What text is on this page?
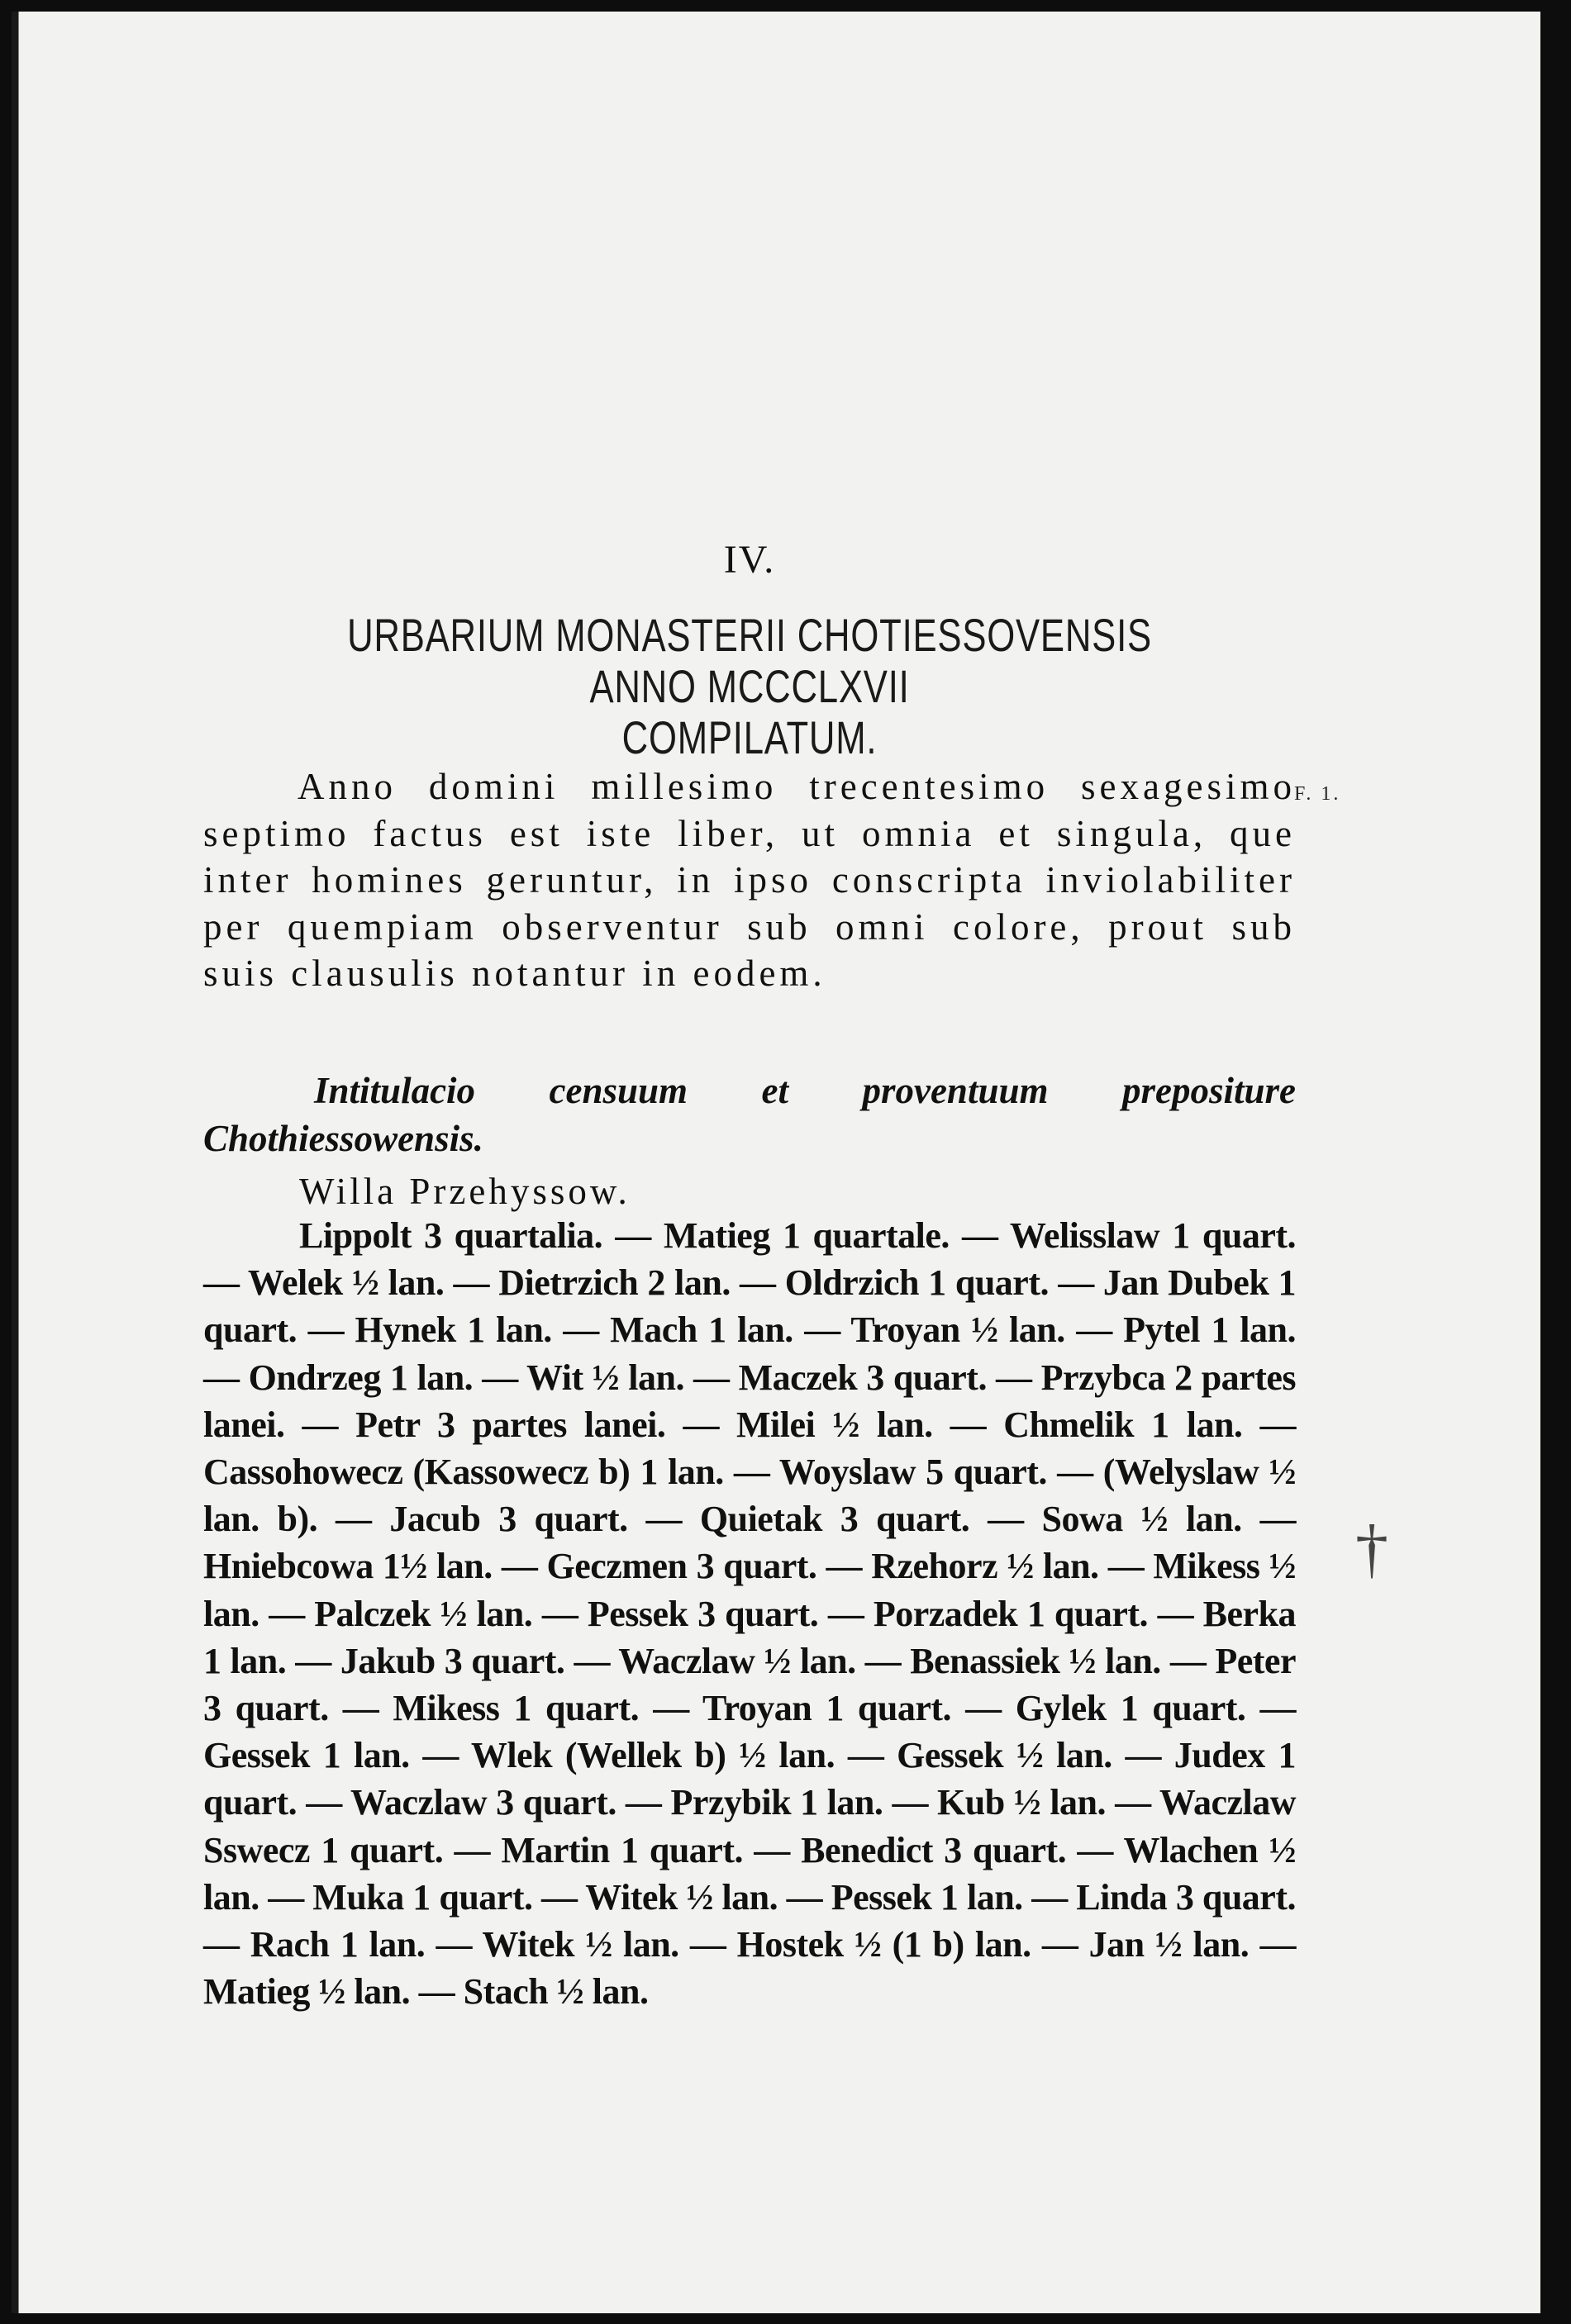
IV.
URBARIUM MONASTERII CHOTIESSOVENSIS ANNO MCCCLXVII
COMPILATUM.
Anno domini millesimo trecentesimo sexagesimo septimo factus est iste liber, ut omnia et singula, que inter homines geruntur, in ipso conscripta inviolabiliter per quempiam observentur sub omni colore, prout sub suis clausulis notantur in eodem.
Intitulacio censuum et proventuum prepositure Chothiessowensis.
Willa Przehyssow.
Lippolt 3 quartalia. — Matieg 1 quartale. — Welisslaw 1 quart. — Welek ½ lan. — Dietrzich 2 lan. — Oldrzich 1 quart. — Jan Dubek 1 quart. — Hynek 1 lan. — Mach 1 lan. — Troyan ½ lan. — Pytel 1 lan. — Ondrzeg 1 lan. — Wit ½ lan. — Maczek 3 quart. — Przybca 2 partes lanei. — Petr 3 partes lanei. — Milei ½ lan. — Chmelik 1 lan. — Cassohowecz (Kassowecz b) 1 lan. — Woyslaw 5 quart. — (Welyslaw ½ lan. b). — Jacub 3 quart. — Quietak 3 quart. — Sowa ½ lan. — Hniebcowa 1½ lan. — Geczmen 3 quart. — Rzehorz ½ lan. — Mikess ½ lan. — Palczek ½ lan. — Pessek 3 quart. — Porzadek 1 quart. — Berka 1 lan. — Jakub 3 quart. — Waczlaw ½ lan. — Benassiek ½ lan. — Peter 3 quart. — Mikess 1 quart. — Troyan 1 quart. — Gylek 1 quart. — Gessek 1 lan. — Wlek (Wellek b) ½ lan. — Gessek ½ lan. — Judex 1 quart. — Waczlaw 3 quart. — Przybik 1 lan. — Kub ½ lan. — Waczlaw Sswecz 1 quart. — Martin 1 quart. — Benedict 3 quart. — Wlachen ½ lan. — Muka 1 quart. — Witek ½ lan. — Pessek 1 lan. — Linda 3 quart. — Rach 1 lan. — Witek ½ lan. — Hostek ½ (1 b) lan. — Jan ½ lan. — Matieg ½ lan. — Stach ½ lan.
F. 1.
†
